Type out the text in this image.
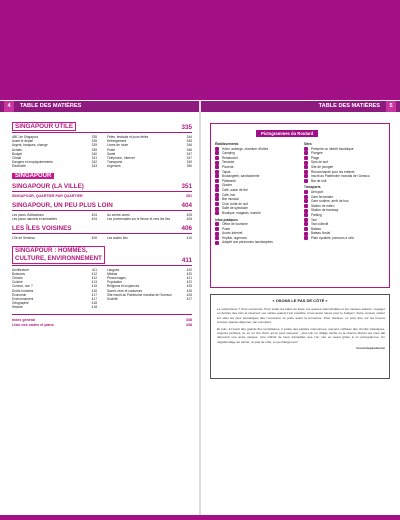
4 TABLE DES MATIÈRES	TABLE DES MATIÈRES 5
SINGAPOUR UTILE	335
ABC de Singapour	335
Avant le départ	335
Argent, banques, change	339
Achats	339
Budget	340
Climat	341
Dangers et enquiquinements	342
Électricité	343
Fêtes, festivals et jours fériés	344
Hébergement	345
Livres de route	346
Poste	346
Santé	347
Téléphone, Internet	347
Transports	349
Urgences	350
SINGAPOUR
SINGAPOUR (LA VILLE)	351
SINGAPOUR, QUARTIER PAR QUARTIER	351
SINGAPOUR, UN PEU PLUS LOIN	404
Les parcs d’attractions	404
Les parcs naturels et animaliers	404
Au centre-ouest	405
Les promenades sur le fleuve et vers les îles	406
LES ÎLES VOISINES	406
L’île de Sentosa	406	Les autres îles	410
SINGAPOUR : HOMMES,
CULTURE, ENVIRONNEMENT	411
Architecture	411
Boissons	412
Chinois	412
Cuisine	413
Curieux, non ?	415
Droits humains	416
Économie	417
Environnement	417
Géographie	418
Histoire	418
Langues	420
Médias	420
Personnages	421
Population	422
Religions et croyances	425
Savoir-vivre et coutumes	426
Site inscrit au Patrimoine mondial de l’Unesco	426
Société	427
Index général	338
Liste des cartes et plans	338
Pictogrammes du Routard
Établissements
Hôtel, auberge, chambre d’hôtes
Camping
Restaurant
Terrasse
Pizzeria
Tapas
Boulangerie, sandwicherie
Pâtisserie
Glacier
Café, salon de thé
Café, bar
Bar musical
Club, boîte de nuit
Salle de spectacle
Boutique, magasin, marché
Infos pratiques
Office de tourisme
Poste
Accès Internet
Hôpital, urgences
Adapté aux personnes handicapées
Sites
Présente un intérêt touristique
Plongée
Plage
Spot de surf
Site de plongée
Recommandé pour les enfants
Inscrit au Patrimoine mondial de l’Unesco
Bar de nuit
Transports
Aéroport
Gare ferroviaire
Gare routière, arrêt de bus
Station de métro
Station de tramway
Parking
Taxi
Taxi collectif
Bateau
Bateau fluvial
Piste cyclable, parcours à vélo
« OSONS LE PAS DE CÔTÉ »

Le surtourisme ? Tous concernés. Pour éviter les bains de foule, les queues interminables et les musées saturés, voyagez en dehors des pics et réservez vos visites quand c’est possible. C’est aussi mieux pour le budget ! Autre conseil, visitez les sites les plus touristiques dès l’ouverture ou juste avant la fermeture. Pour d’autres, ce pour être sur les heures creuses (pause-déjeuner, par exemple).

Et puis, à l’écart des grands flux touristiques, il existe des pépites méconnues, souvent oubliées des circuits classiques, toujours perdues, là, en un clin d’œil, qu’on peut savourer ; plus loin un village caché ou la chemin discret qui vous fait découvrir une autre époque. Une infinité de lieux tranquilles que l’on met en avant grâce à un pictogramme. Un vagabondage au calme, un pas de côté, et ça change tout !

#osonslepasdecote
